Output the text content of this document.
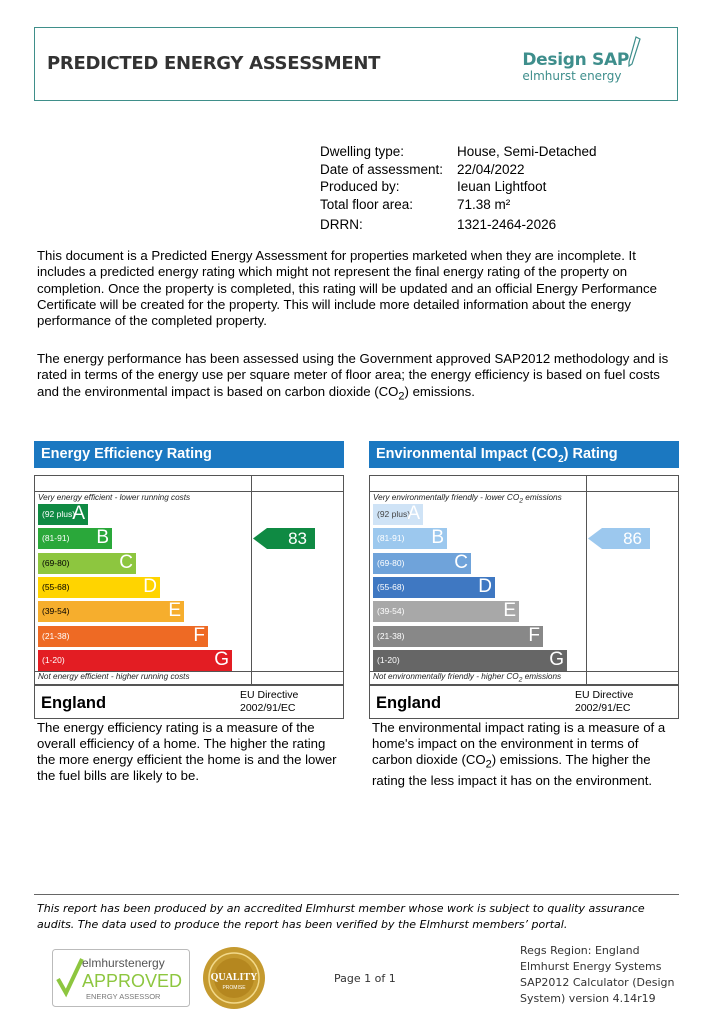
PREDICTED ENERGY ASSESSMENT	Design SAP
elmhurst energy
Dwelling type:	House, Semi-Detached
Date of assessment:	22/04/2022
Produced by:	Ieuan Lightfoot
Total floor area:	71.38 m²
DRRN:	1321-2464-2026
This document is a Predicted Energy Assessment for properties marketed when they are incomplete. It includes a predicted energy rating which might not represent the final energy rating of the property on completion. Once the property is completed, this rating will be updated and an official Energy Performance Certificate will be created for the property. This will include more detailed information about the energy performance of the completed property.
The energy performance has been assessed using the Government approved SAP2012 methodology and is rated in terms of the energy use per square meter of floor area; the energy efficiency is based on fuel costs and the environmental impact is based on carbon dioxide $(CO_2)$ emissions.
Energy Efficiency Rating
Very energy efficient - lower running costs
Not energy efficient - higher running costs
(92 plus)
A
(81-91) B
(69-80)	C
(55-68)	D
(39-54)	E
(21-38)	F
(1-20)	G
83
England	EU Directive
2002/91/EC
The energy efficiency rating is a measure of the overall efficiency of a home. The higher the rating the more energy efficient the home is and the lower the fuel bills are likely to be.
Environmental Impact $(CO_2)$ Rating
Very environmentally friendly - lower $CO_2$ emissions
Not environmentally friendly - higher $CO_2$ emissions
(92 plus)
A
(81-91) B
(69-80)	C
(55-68)	D
(39-54)	E
(21-38)	F
(1-20)	G
86
England	EU Directive
2002/91/EC
The environmental impact rating is a measure of a home's impact on the environment in terms of carbon dioxide $(CO_2)$ emissions. The higher the rating the less impact it has on the environment.
This report has been produced by an accredited Elmhurst member whose work is subject to quality assurance audits. The data used to produce the report has been verified by the Elmhurst members’ portal.
elmhurstenergy
APPROVED
ENERGY ASSESSOR
QUALITY
PROMISE
Page 1 of 1
Regs Region: England
Elmhurst Energy Systems
SAP2012 Calculator (Design
System) version 4.14r19
